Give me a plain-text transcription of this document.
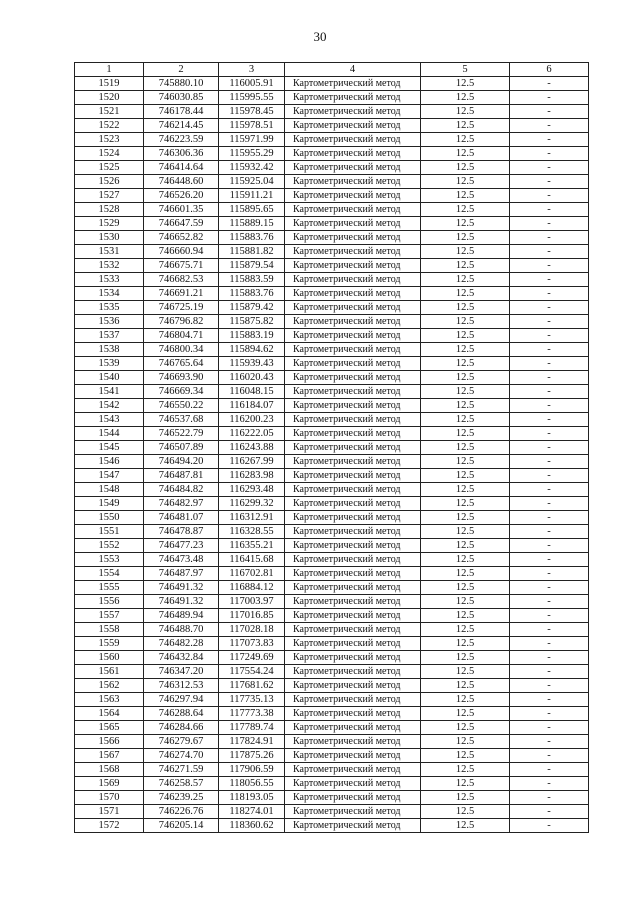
30
1	2	3	4	5	6
1519	745880.10	116005.91	Картометрический метод	12.5	-
1520	746030.85	115995.55	Картометрический метод	12.5	-
1521	746178.44	115978.45	Картометрический метод	12.5	-
1522	746214.45	115978.51	Картометрический метод	12.5	-
1523	746223.59	115971.99	Картометрический метод	12.5	-
1524	746306.36	115955.29	Картометрический метод	12.5	-
1525	746414.64	115932.42	Картометрический метод	12.5	-
1526	746448.60	115925.04	Картометрический метод	12.5	-
1527	746526.20	115911.21	Картометрический метод	12.5	-
1528	746601.35	115895.65	Картометрический метод	12.5	-
1529	746647.59	115889.15	Картометрический метод	12.5	-
1530	746652.82	115883.76	Картометрический метод	12.5	-
1531	746660.94	115881.82	Картометрический метод	12.5	-
1532	746675.71	115879.54	Картометрический метод	12.5	-
1533	746682.53	115883.59	Картометрический метод	12.5	-
1534	746691.21	115883.76	Картометрический метод	12.5	-
1535	746725.19	115879.42	Картометрический метод	12.5	-
1536	746796.82	115875.82	Картометрический метод	12.5	-
1537	746804.71	115883.19	Картометрический метод	12.5	-
1538	746800.34	115894.62	Картометрический метод	12.5	-
1539	746765.64	115939.43	Картометрический метод	12.5	-
1540	746693.90	116020.43	Картометрический метод	12.5	-
1541	746669.34	116048.15	Картометрический метод	12.5	-
1542	746550.22	116184.07	Картометрический метод	12.5	-
1543	746537.68	116200.23	Картометрический метод	12.5	-
1544	746522.79	116222.05	Картометрический метод	12.5	-
1545	746507.89	116243.88	Картометрический метод	12.5	-
1546	746494.20	116267.99	Картометрический метод	12.5	-
1547	746487.81	116283.98	Картометрический метод	12.5	-
1548	746484.82	116293.48	Картометрический метод	12.5	-
1549	746482.97	116299.32	Картометрический метод	12.5	-
1550	746481.07	116312.91	Картометрический метод	12.5	-
1551	746478.87	116328.55	Картометрический метод	12.5	-
1552	746477.23	116355.21	Картометрический метод	12.5	-
1553	746473.48	116415.68	Картометрический метод	12.5	-
1554	746487.97	116702.81	Картометрический метод	12.5	-
1555	746491.32	116884.12	Картометрический метод	12.5	-
1556	746491.32	117003.97	Картометрический метод	12.5	-
1557	746489.94	117016.85	Картометрический метод	12.5	-
1558	746488.70	117028.18	Картометрический метод	12.5	-
1559	746482.28	117073.83	Картометрический метод	12.5	-
1560	746432.84	117249.69	Картометрический метод	12.5	-
1561	746347.20	117554.24	Картометрический метод	12.5	-
1562	746312.53	117681.62	Картометрический метод	12.5	-
1563	746297.94	117735.13	Картометрический метод	12.5	-
1564	746288.64	117773.38	Картометрический метод	12.5	-
1565	746284.66	117789.74	Картометрический метод	12.5	-
1566	746279.67	117824.91	Картометрический метод	12.5	-
1567	746274.70	117875.26	Картометрический метод	12.5	-
1568	746271.59	117906.59	Картометрический метод	12.5	-
1569	746258.57	118056.55	Картометрический метод	12.5	-
1570	746239.25	118193.05	Картометрический метод	12.5	-
1571	746226.76	118274.01	Картометрический метод	12.5	-
1572	746205.14	118360.62	Картометрический метод	12.5	-
